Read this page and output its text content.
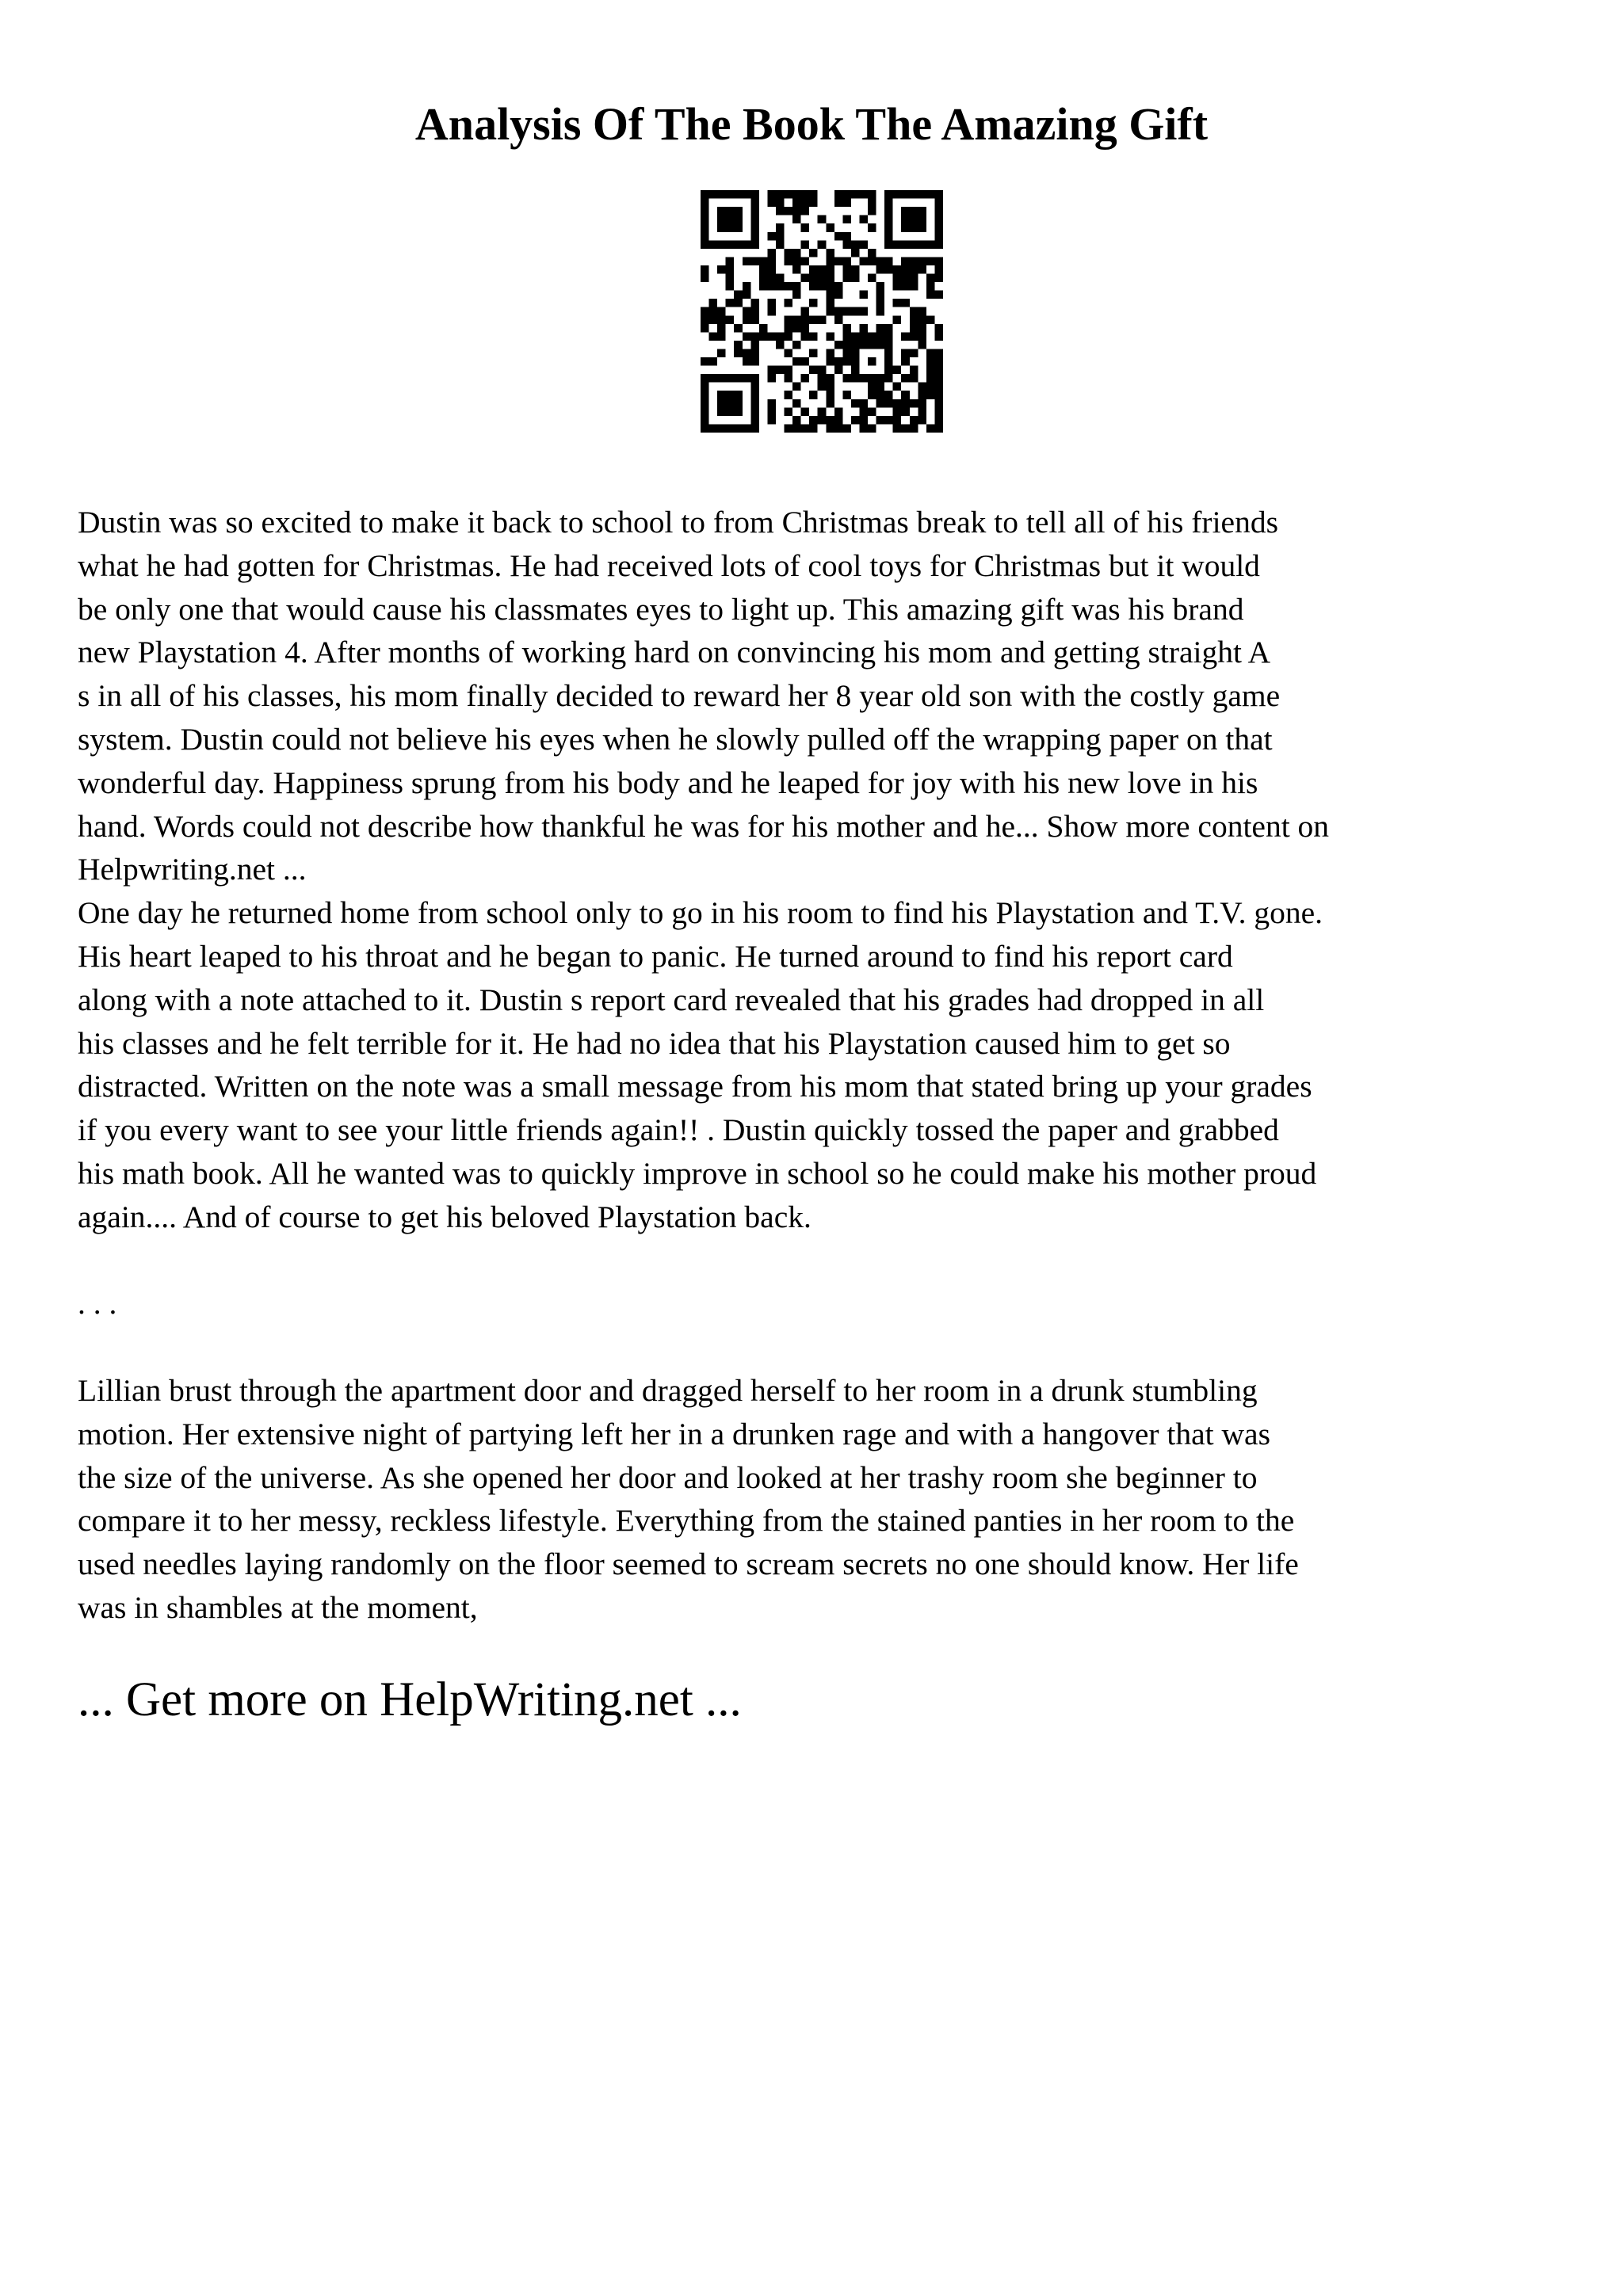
Analysis Of The Book The Amazing Gift
Dustin was so excited to make it back to school to from Christmas break to tell all of his friends
what he had gotten for Christmas. He had received lots of cool toys for Christmas but it would
be only one that would cause his classmates eyes to light up. This amazing gift was his brand
new Playstation 4. After months of working hard on convincing his mom and getting straight A
s in all of his classes, his mom finally decided to reward her 8 year old son with the costly game
system. Dustin could not believe his eyes when he slowly pulled off the wrapping paper on that
wonderful day. Happiness sprung from his body and he leaped for joy with his new love in his
hand. Words could not describe how thankful he was for his mother and he... Show more content on
Helpwriting.net ...
One day he returned home from school only to go in his room to find his Playstation and T.V. gone.
His heart leaped to his throat and he began to panic. He turned around to find his report card
along with a note attached to it. Dustin s report card revealed that his grades had dropped in all
his classes and he felt terrible for it. He had no idea that his Playstation caused him to get so
distracted. Written on the note was a small message from his mom that stated bring up your grades
if you every want to see your little friends again!! . Dustin quickly tossed the paper and grabbed
his math book. All he wanted was to quickly improve in school so he could make his mother proud
again.... And of course to get his beloved Playstation back.
. . .
Lillian brust through the apartment door and dragged herself to her room in a drunk stumbling
motion. Her extensive night of partying left her in a drunken rage and with a hangover that was
the size of the universe. As she opened her door and looked at her trashy room she beginner to
compare it to her messy, reckless lifestyle. Everything from the stained panties in her room to the
used needles laying randomly on the floor seemed to scream secrets no one should know. Her life
was in shambles at the moment,

... Get more on HelpWriting.net ...
